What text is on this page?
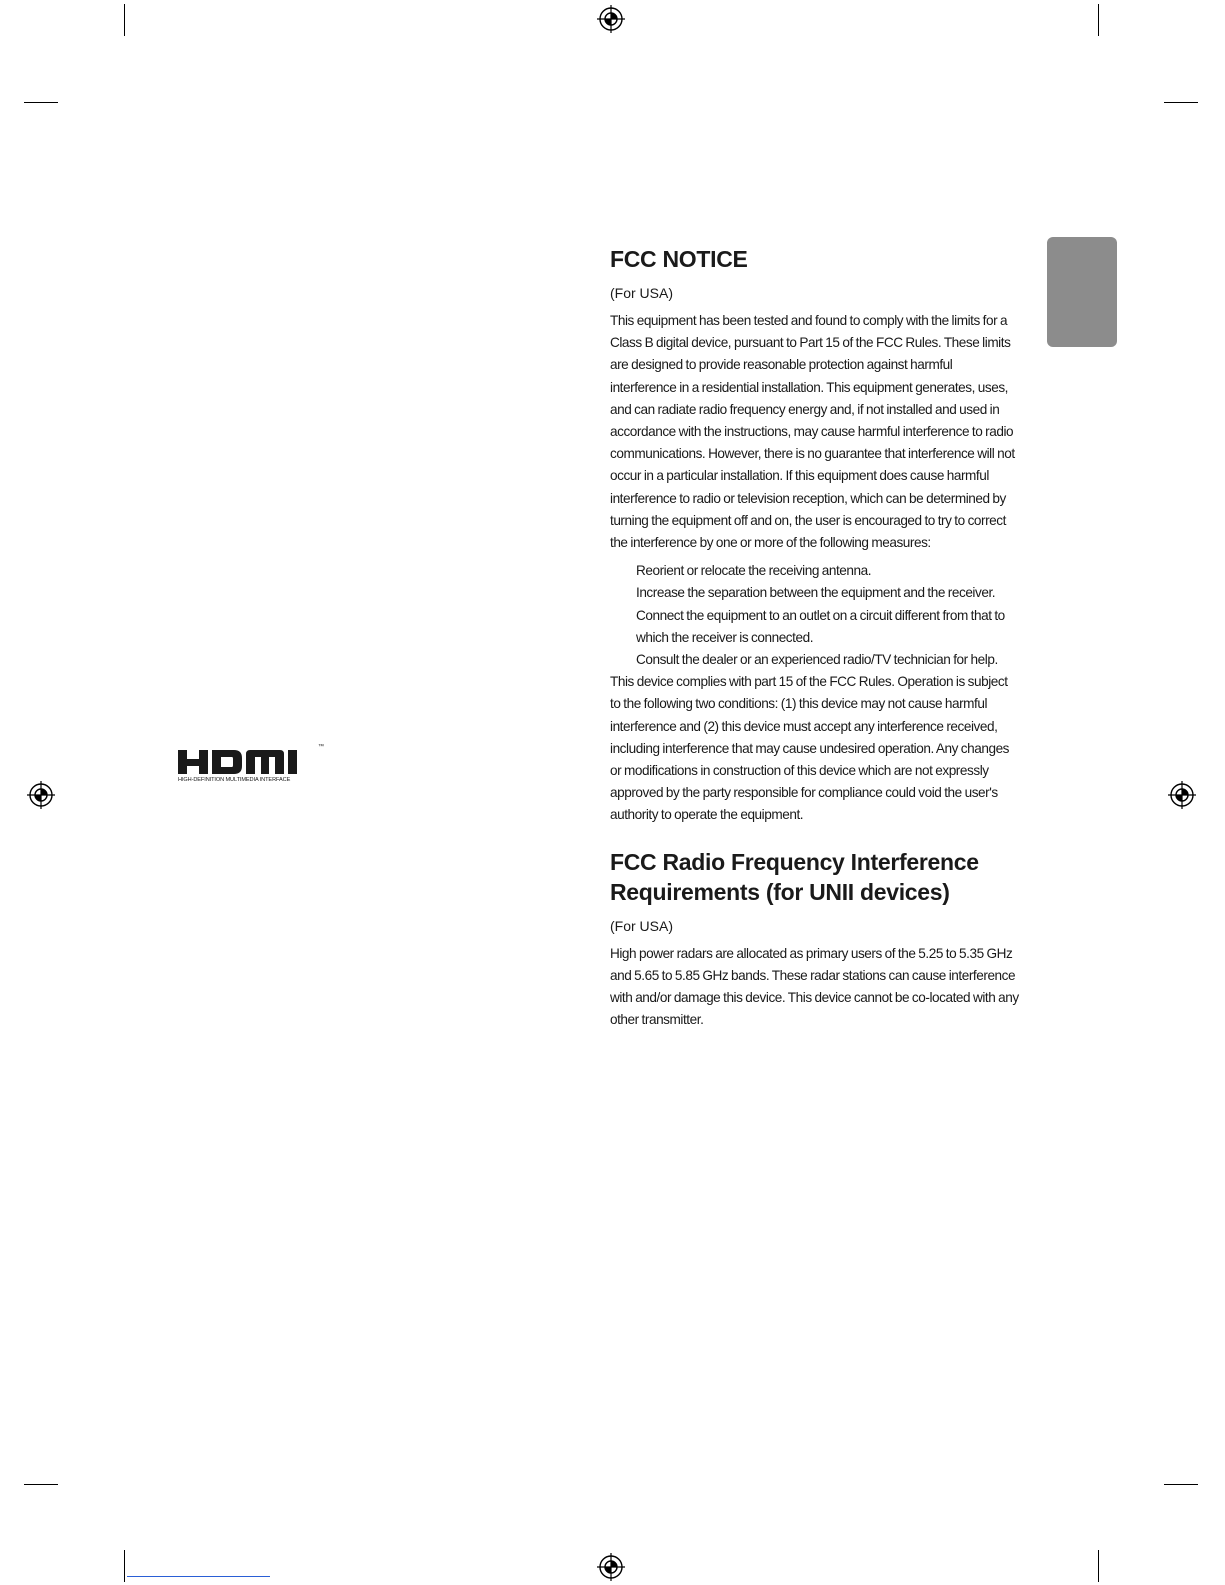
™
HIGH-DEFINITION MULTIMEDIA INTERFACE
FCC NOTICE

(For USA)

This equipment has been tested and found to comply with the limits for a Class B digital device, pursuant to Part 15 of the FCC Rules. These limits are designed to provide reasonable protection against harmful interference in a residential installation. This equipment generates, uses, and can radiate radio frequency energy and, if not installed and used in accordance with the instructions, may cause harmful interference to radio communications. However, there is no guarantee that interference will not occur in a particular installation. If this equipment does cause harmful interference to radio or television reception, which can be determined by turning the equipment off and on, the user is encouraged to try to correct the interference by one or more of the following measures:

Reorient or relocate the receiving antenna.
Increase the separation between the equipment and the receiver.
Connect the equipment to an outlet on a circuit different from that to which the receiver is connected.
Consult the dealer or an experienced radio/TV technician for help.

This device complies with part 15 of the FCC Rules. Operation is subject to the following two conditions: (1) this device may not cause harmful interference and (2) this device must accept any interference received, including interference that may cause undesired operation. Any changes or modifications in construction of this device which are not expressly approved by the party responsible for compliance could void the user's authority to operate the equipment.

FCC Radio Frequency Interference Requirements (for UNII devices)

(For USA)

High power radars are allocated as primary users of the 5.25 to 5.35 GHz and 5.65 to 5.85 GHz bands. These radar stations can cause interference with and/or damage this device. This device cannot be co-located with any other transmitter.
